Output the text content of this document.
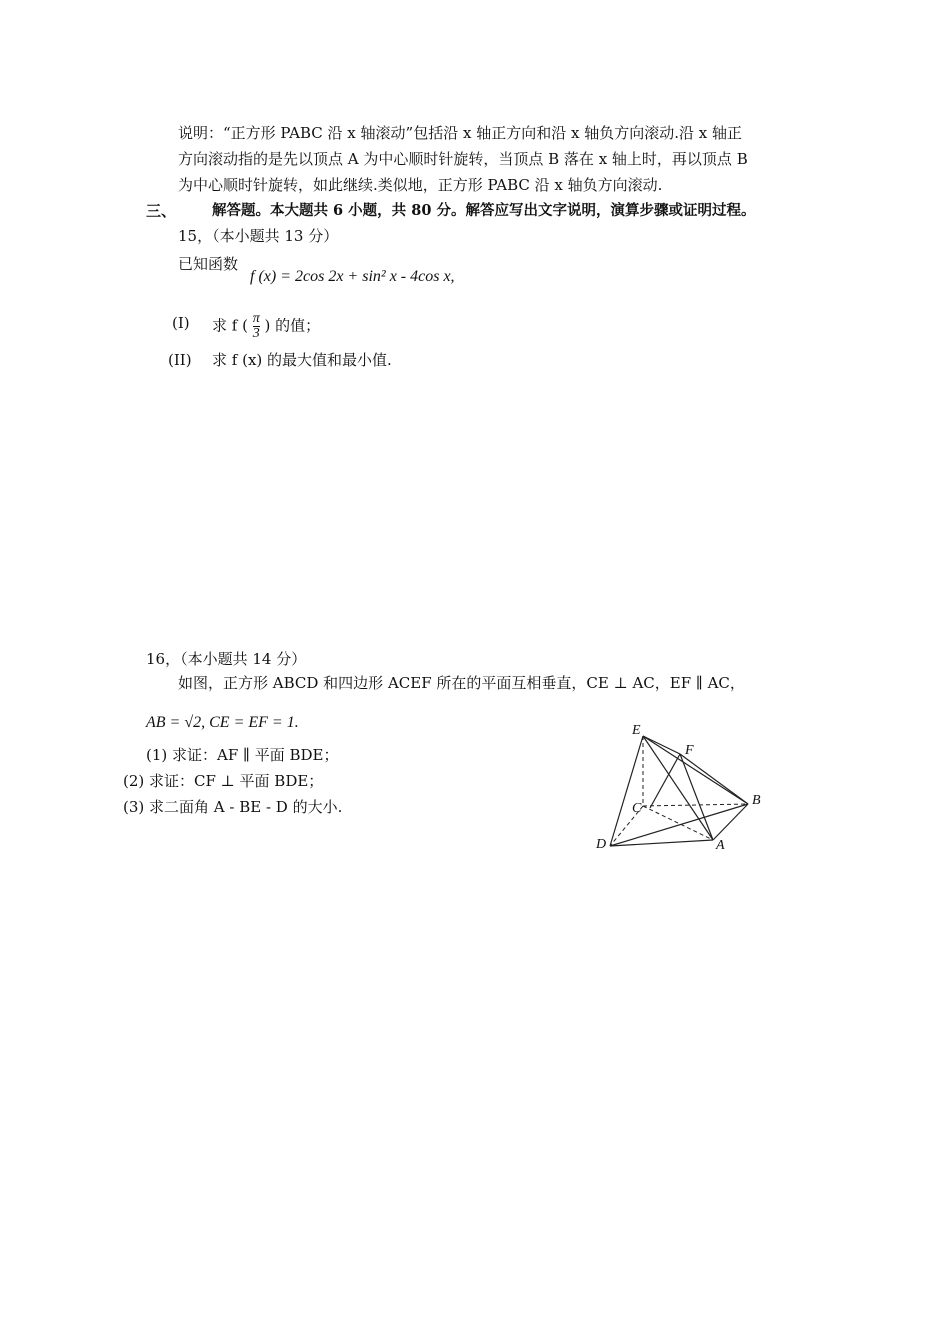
说明：“正方形 PABC 沿 x 轴滚动”包括沿 x 轴正方向和沿 x 轴负方向滚动.沿 x 轴正
方向滚动指的是先以顶点 A 为中心顺时针旋转，当顶点 B 落在 x 轴上时，再以顶点 B
为中心顺时针旋转，如此继续.类似地，正方形 PABC 沿 x 轴负方向滚动.
三、 解答题。本大题共 6 小题，共 80 分。解答应写出文字说明，演算步骤或证明过程。
15，（本小题共 13 分）
已知函数
f (x) = 2cos 2x + sin² x - 4cos x,
(I) 求 f ( $\frac{\pi}{3}$ ) 的值；
(II) 求 f (x) 的最大值和最小值.
16，（本小题共 14 分）
如图，正方形 ABCD 和四边形 ACEF 所在的平面互相垂直，CE ⊥ AC，EF ∥ AC，
AB = √2, CE = EF = 1.
(1) 求证：AF ∥ 平面 BDE；
(2) 求证：CF ⊥ 平面 BDE；
(3) 求二面角 A - BE - D 的大小.
E
F
C
B
D	A
